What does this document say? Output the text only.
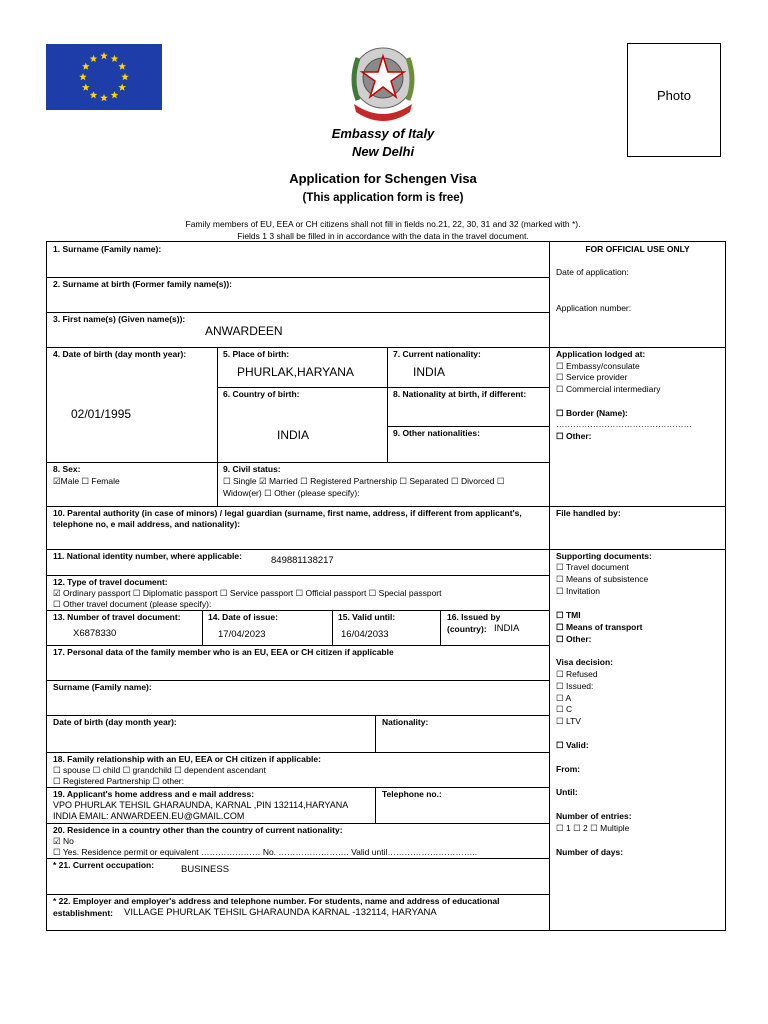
Photo
Embassy of Italy
New Delhi
Application for Schengen Visa
(This application form is free)
Family members of EU, EEA or CH citizens shall not fill in fields no.21, 22, 30, 31 and 32 (marked with *).
Fields 1 3 shall be filled in in accordance with the data in the travel document.
1. Surname (Family name):
2. Surname at birth (Former family name(s)):
3. First name(s) (Given name(s)):
ANWARDEEN
4. Date of birth (day month year):
02/01/1995
5. Place of birth:
PHURLAK,HARYANA
6. Country of birth:
INDIA
7. Current nationality:
INDIA
8. Nationality at birth, if different:
9. Other nationalities:
8. Sex:
☑Male ☐ Female
9. Civil status:
☐ Single ☑ Married ☐ Registered Partnership ☐ Separated ☐ Divorced ☐
Widow(er) ☐ Other (please specify):
10. Parental authority (in case of minors) / legal guardian (surname, first name, address, if different from applicant's, telephone no, e mail address, and nationality):
11. National identity number, where applicable:	849881138217
12. Type of travel document:
☑ Ordinary passport ☐ Diplomatic passport ☐ Service passport ☐ Official passport ☐ Special passport
☐ Other travel document (please specify):
13. Number of travel document:
X6878330
14. Date of issue:
17/04/2023
15. Valid until:
16/04/2033
16. Issued by
(country): INDIA
17. Personal data of the family member who is an EU, EEA or CH citizen if applicable
Surname (Family name):
Date of birth (day month year):	Nationality:
18. Family relationship with an EU, EEA or CH citizen if applicable:
☐ spouse ☐ child ☐ grandchild ☐ dependent ascendant
☐ Registered Partnership ☐ other:
19. Applicant's home address and e mail address:
VPO PHURLAK TEHSIL GHARAUNDA, KARNAL ,PIN 132114,HARYANA
INDIA EMAIL: ANWARDEEN.EU@GMAIL.COM
Telephone no.:
20. Residence in a country other than the country of current nationality:
☑ No
☐ Yes. Residence permit or equivalent ………………… No. ……………………. Valid until…………………………..
* 21. Current occupation:	BUSINESS
* 22. Employer and employer's address and telephone number. For students, name and address of educational
establishment: VILLAGE PHURLAK TEHSIL GHARAUNDA KARNAL -132114, HARYANA
FOR OFFICIAL USE ONLY
Date of application:
Application number:
Application lodged at:
☐ Embassy/consulate
☐ Service provider
☐ Commercial intermediary
☐ Border (Name):
…………………………………………
☐ Other:
File handled by:
Supporting documents:
☐ Travel document
☐ Means of subsistence
☐ Invitation
☐ TMI
☐ Means of transport
☐ Other:
Visa decision:
☐ Refused
☐ Issued:
☐ A
☐ C
☐ LTV
☐ Valid:
From:
Until:
Number of entries:
☐ 1 ☐ 2 ☐ Multiple
Number of days:
